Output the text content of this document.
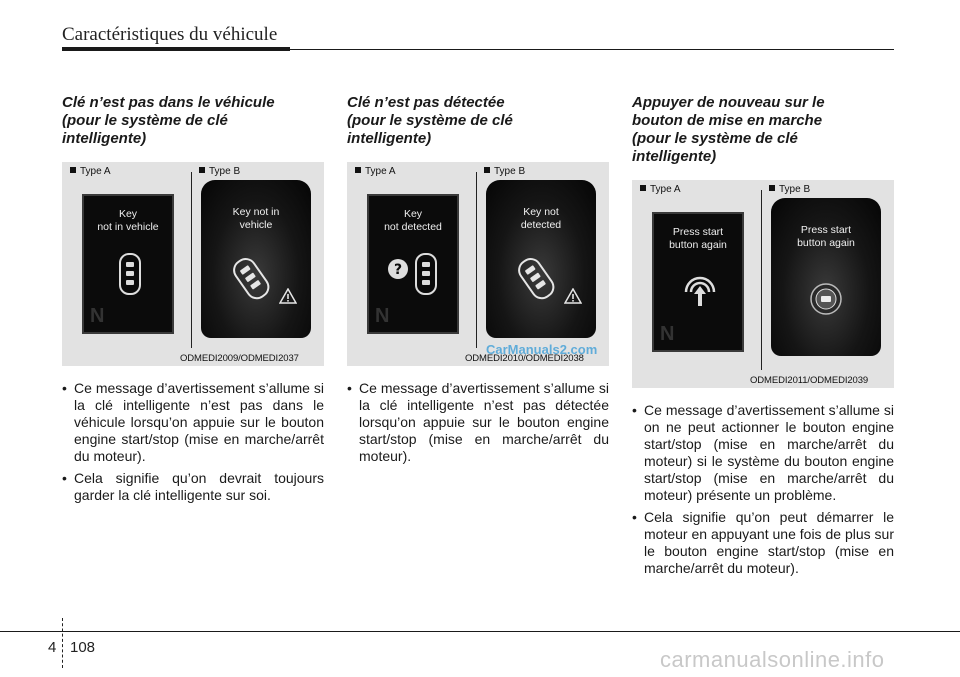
Caractéristiques du véhicule
Clé n’est pas dans le véhicule
(pour le système de clé
intelligente)
Type A	Type B
Key
not in vehicle
N
Key not in
vehicle
ODMEDI2009/ODMEDI2037
• Ce message d’avertissement s’allume si la clé intelligente n’est pas dans le véhicule lorsqu’on appuie sur le bouton engine start/stop (mise en marche/arrêt du moteur).
• Cela signifie qu’on devrait toujours garder la clé intelligente sur soi.
Clé n’est pas détectée
(pour le système de clé
intelligente)
Type A	Type B
Key
not detected
?
N
Key not
detected
ODMEDI2010/ODMEDI2038
• Ce message d’avertissement s’allume si la clé intelligente n’est pas détectée lorsqu’on appuie sur le bouton engine start/stop (mise en marche/arrêt du moteur).
Appuyer de nouveau sur le
bouton de mise en marche
(pour le système de clé
intelligente)
Type A	Type B
Press start
button again
N
Press start
button again
ODMEDI2011/ODMEDI2039
• Ce message d’avertissement s’allume si on ne peut actionner le bouton engine start/stop (mise en marche/arrêt du moteur) si le système du bouton engine start/stop (mise en marche/arrêt du moteur) présente un problème.
• Cela signifie qu’on peut démarrer le moteur en appuyant une fois de plus sur le bouton engine start/stop (mise en marche/arrêt du moteur).
CarManuals2.com
4 108	carmanualsonline.info
